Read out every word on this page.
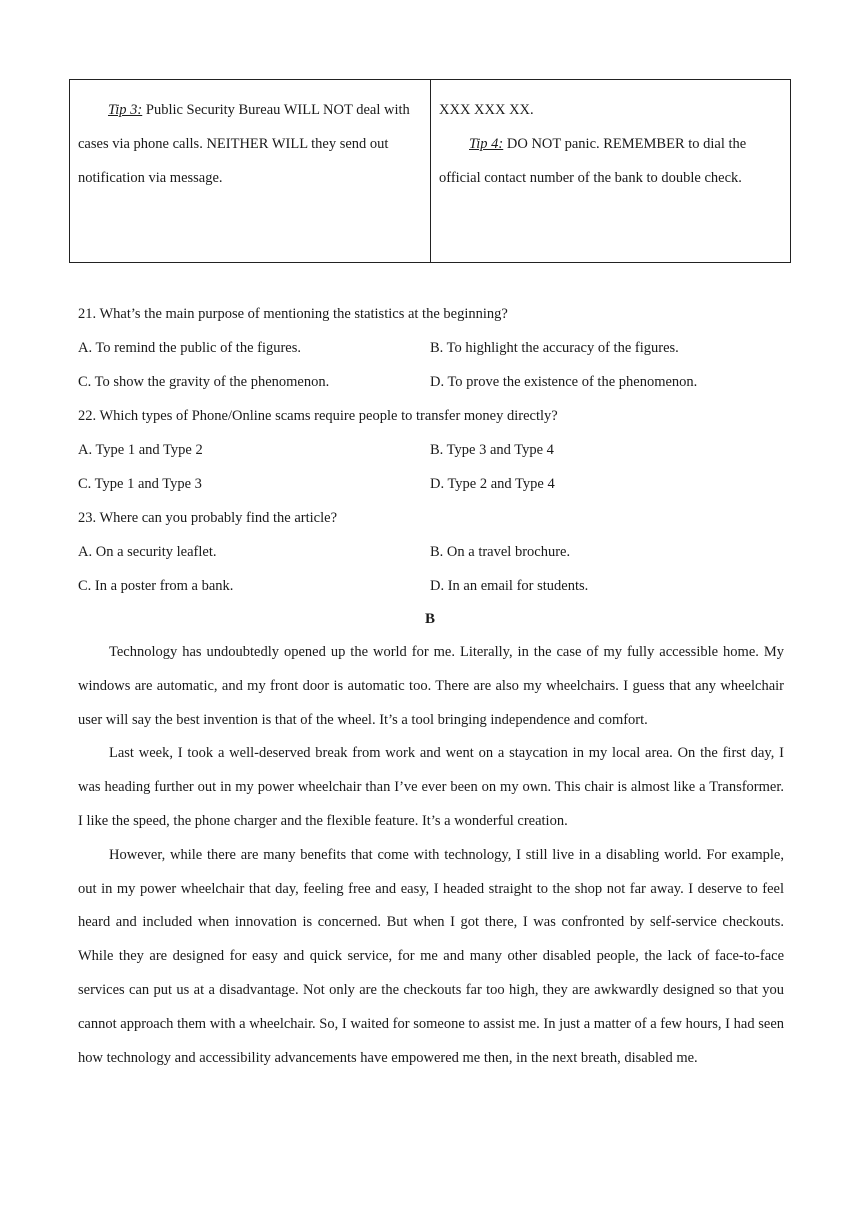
Tip 3: Public Security Bureau WILL NOT deal with cases via phone calls. NEITHER WILL they send out notification via message.
XXX XXX XX.
Tip 4: DO NOT panic. REMEMBER to dial the official contact number of the bank to double check.
21. What’s the main purpose of mentioning the statistics at the beginning?
A. To remind the public of the figures.	B. To highlight the accuracy of the figures.
C. To show the gravity of the phenomenon.	D. To prove the existence of the phenomenon.
22. Which types of Phone/Online scams require people to transfer money directly?
A. Type 1 and Type 2	B. Type 3 and Type 4
C. Type 1 and Type 3	D. Type 2 and Type 4
23. Where can you probably find the article?
A. On a security leaflet.	B. On a travel brochure.
C. In a poster from a bank.	D. In an email for students.
B

Technology has undoubtedly opened up the world for me. Literally, in the case of my fully accessible home. My windows are automatic, and my front door is automatic too. There are also my wheelchairs. I guess that any wheelchair user will say the best invention is that of the wheel. It’s a tool bringing independence and comfort.

Last week, I took a well-deserved break from work and went on a staycation in my local area. On the first day, I was heading further out in my power wheelchair than I’ve ever been on my own. This chair is almost like a Transformer. I like the speed, the phone charger and the flexible feature. It’s a wonderful creation.

However, while there are many benefits that come with technology, I still live in a disabling world. For example, out in my power wheelchair that day, feeling free and easy, I headed straight to the shop not far away. I deserve to feel heard and included when innovation is concerned. But when I got there, I was confronted by self-service checkouts. While they are designed for easy and quick service, for me and many other disabled people, the lack of face-to-face services can put us at a disadvantage. Not only are the checkouts far too high, they are awkwardly designed so that you cannot approach them with a wheelchair. So, I waited for someone to assist me. In just a matter of a few hours, I had seen how technology and accessibility advancements have empowered me then, in the next breath, disabled me.
